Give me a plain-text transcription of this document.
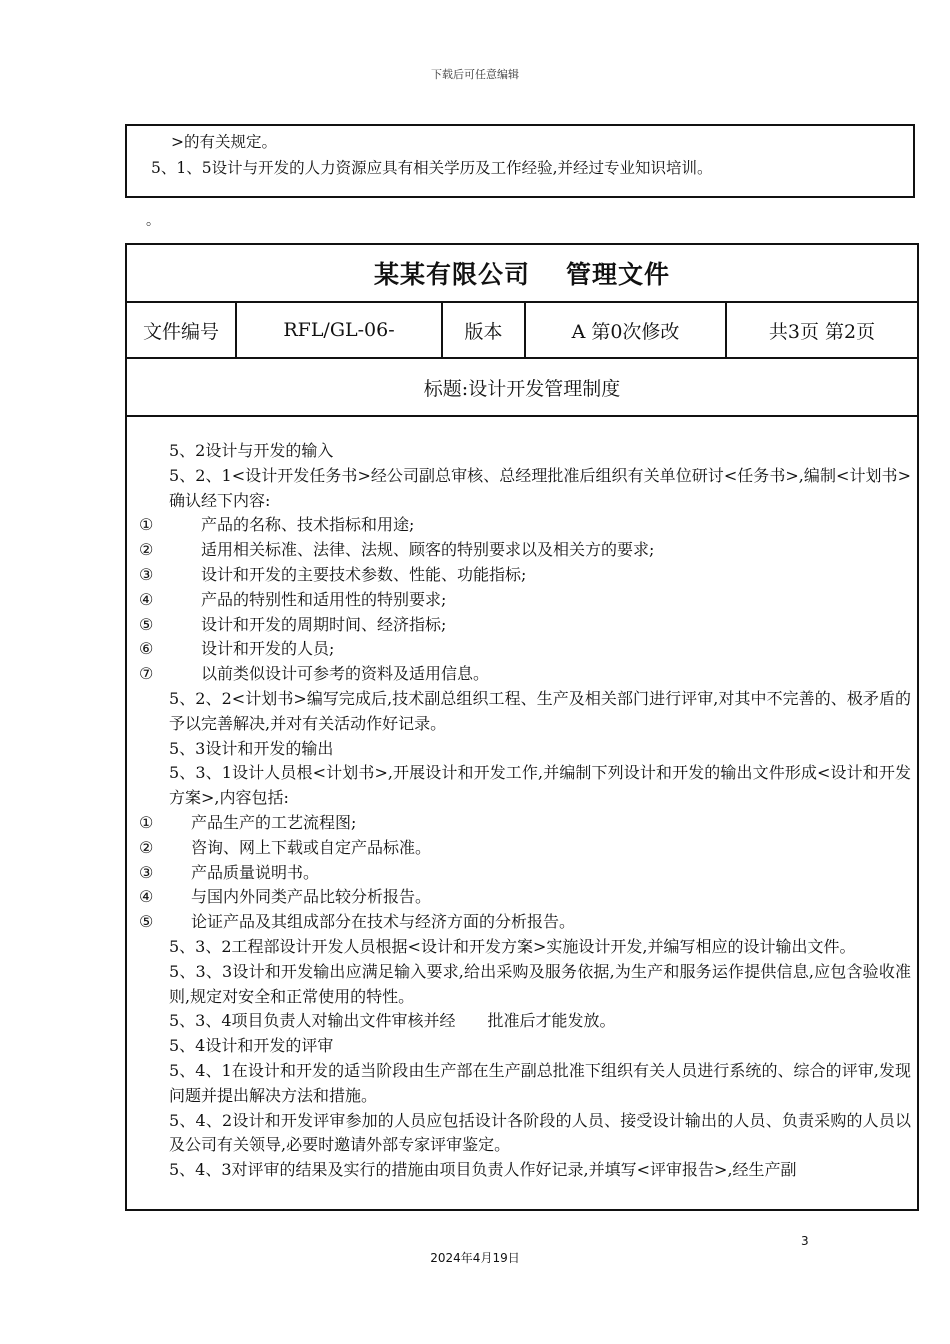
下载后可任意编辑
>的有关规定。
5、1、5设计与开发的人力资源应具有相关学历及工作经验,并经过专业知识培训。
。
某某有限公司 管理文件
文件编号	RFL/GL-06-	版本	A 第0次修改	共3页 第2页
标题:设计开发管理制度

5、2设计与开发的输入

5、2、1<设计开发任务书>经公司副总审核、总经理批准后组织有关单位研讨<任务书>,编制<计划书>确认经下内容:

①	产品的名称、技术指标和用途;
②	适用相关标准、法律、法规、顾客的特别要求以及相关方的要求;
③	设计和开发的主要技术参数、性能、功能指标;
④	产品的特别性和适用性的特别要求;
⑤	设计和开发的周期时间、经济指标;
⑥	设计和开发的人员;
⑦	以前类似设计可参考的资料及适用信息。

5、2、2<计划书>编写完成后,技术副总组织工程、生产及相关部门进行评审,对其中不完善的、极矛盾的予以完善解决,并对有关活动作好记录。

5、3设计和开发的输出

5、3、1设计人员根<计划书>,开展设计和开发工作,并编制下列设计和开发的输出文件形成<设计和开发方案>,内容包括:

①	产品生产的工艺流程图;
②	咨询、网上下载或自定产品标准。
③	产品质量说明书。
④	与国内外同类产品比较分析报告。
⑤	论证产品及其组成部分在技术与经济方面的分析报告。

5、3、2工程部设计开发人员根据<设计和开发方案>实施设计开发,并编写相应的设计输出文件。

5、3、3设计和开发输出应满足输入要求,给出采购及服务依据,为生产和服务运作提供信息,应包含验收准则,规定对安全和正常使用的特性。

5、3、4项目负责人对输出文件审核并经　　批准后才能发放。

5、4设计和开发的评审

5、4、1在设计和开发的适当阶段由生产部在生产副总批准下组织有关人员进行系统的、综合的评审,发现问题并提出解决方法和措施。

5、4、2设计和开发评审参加的人员应包括设计各阶段的人员、接受设计输出的人员、负责采购的人员以及公司有关领导,必要时邀请外部专家评审鉴定。

5、4、3对评审的结果及实行的措施由项目负责人作好记录,并填写<评审报告>,经生产副

3
2024年4月19日
